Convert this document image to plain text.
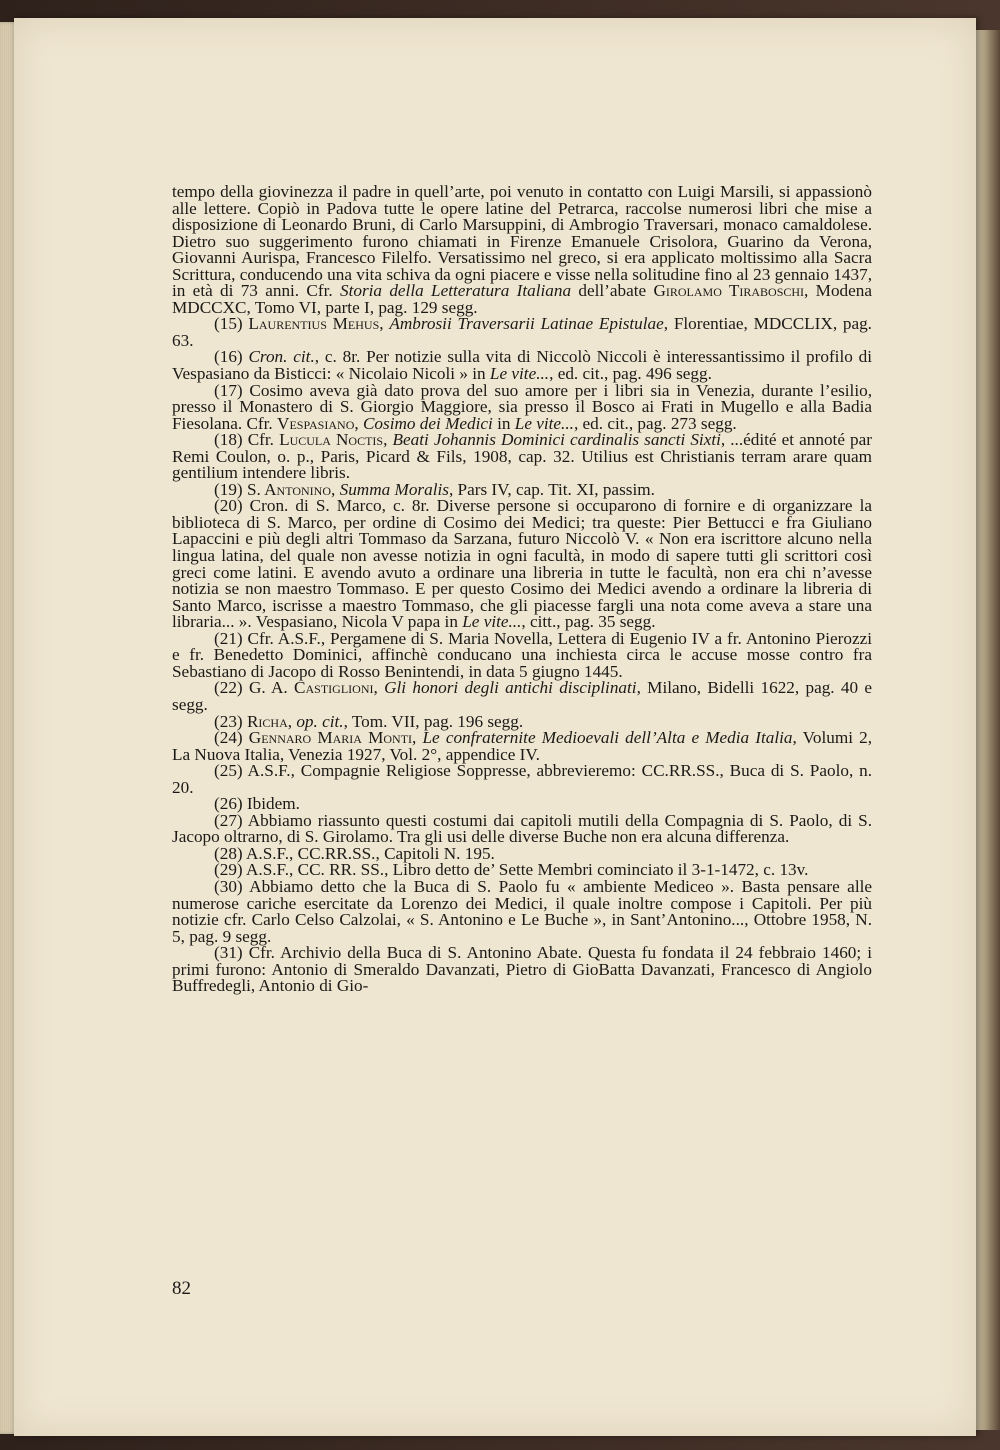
tempo della giovinezza il padre in quell’arte, poi venuto in contatto con Luigi Marsili, si appassionò alle lettere. Copiò in Padova tutte le opere latine del Petrarca, raccolse numerosi libri che mise a disposizione di Leonardo Bruni, di Carlo Marsuppini, di Ambrogio Traversari, monaco camaldolese. Dietro suo suggerimento furono chiamati in Firenze Emanuele Crisolora, Guarino da Verona, Giovanni Aurispa, Francesco Filelfo. Versatissimo nel greco, si era applicato moltissimo alla Sacra Scrittura, conducendo una vita schiva da ogni piacere e visse nella solitudine fino al 23 gennaio 1437, in età di 73 anni. Cfr. Storia della Letteratura Italiana dell’abate Girolamo Tiraboschi, Modena MDCCXC, Tomo VI, parte I, pag. 129 segg.

(15) Laurentius Mehus, Ambrosii Traversarii Latinae Epistulae, Florentiae, MDCCLIX, pag. 63.

(16) Cron. cit., c. 8r. Per notizie sulla vita di Niccolò Niccoli è interessantissimo il profilo di Vespasiano da Bisticci: « Nicolaio Nicoli » in Le vite..., ed. cit., pag. 496 segg.

(17) Cosimo aveva già dato prova del suo amore per i libri sia in Venezia, durante l’esilio, presso il Monastero di S. Giorgio Maggiore, sia presso il Bosco ai Frati in Mugello e alla Badia Fiesolana. Cfr. Vespasiano, Cosimo dei Medici in Le vite..., ed. cit., pag. 273 segg.

(18) Cfr. Lucula Noctis, Beati Johannis Dominici cardinalis sancti Sixti, ...édité et annoté par Remi Coulon, o. p., Paris, Picard & Fils, 1908, cap. 32. Utilius est Christianis terram arare quam gentilium intendere libris.

(19) S. Antonino, Summa Moralis, Pars IV, cap. Tit. XI, passim.

(20) Cron. di S. Marco, c. 8r. Diverse persone si occuparono di fornire e di organizzare la biblioteca di S. Marco, per ordine di Cosimo dei Medici; tra queste: Pier Bettucci e fra Giuliano Lapaccini e più degli altri Tommaso da Sarzana, futuro Niccolò V. « Non era iscrittore alcuno nella lingua latina, del quale non avesse notizia in ogni facultà, in modo di sapere tutti gli scrittori così greci come latini. E avendo avuto a ordinare una libreria in tutte le facultà, non era chi n’avesse notizia se non maestro Tommaso. E per questo Cosimo dei Medici avendo a ordinare la libreria di Santo Marco, iscrisse a maestro Tommaso, che gli piacesse fargli una nota come aveva a stare una libraria... ». Vespasiano, Nicola V papa in Le vite..., citt., pag. 35 segg.

(21) Cfr. A.S.F., Pergamene di S. Maria Novella, Lettera di Eugenio IV a fr. Antonino Pierozzi e fr. Benedetto Dominici, affinchè conducano una inchiesta circa le accuse mosse contro fra Sebastiano di Jacopo di Rosso Benintendi, in data 5 giugno 1445.

(22) G. A. Castiglioni, Gli honori degli antichi disciplinati, Milano, Bidelli 1622, pag. 40 e segg.

(23) Richa, op. cit., Tom. VII, pag. 196 segg.

(24) Gennaro Maria Monti, Le confraternite Medioevali dell’Alta e Media Italia, Volumi 2, La Nuova Italia, Venezia 1927, Vol. 2°, appendice IV.

(25) A.S.F., Compagnie Religiose Soppresse, abbrevieremo: CC.RR.SS., Buca di S. Paolo, n. 20.

(26) Ibidem.

(27) Abbiamo riassunto questi costumi dai capitoli mutili della Compagnia di S. Paolo, di S. Jacopo oltrarno, di S. Girolamo. Tra gli usi delle diverse Buche non era alcuna differenza.

(28) A.S.F., CC.RR.SS., Capitoli N. 195.

(29) A.S.F., CC. RR. SS., Libro detto de’ Sette Membri cominciato il 3-1-1472, c. 13v.

(30) Abbiamo detto che la Buca di S. Paolo fu « ambiente Mediceo ». Basta pensare alle numerose cariche esercitate da Lorenzo dei Medici, il quale inoltre compose i Capitoli. Per più notizie cfr. Carlo Celso Calzolai, « S. Antonino e Le Buche », in Sant’Antonino..., Ottobre 1958, N. 5, pag. 9 segg.

(31) Cfr. Archivio della Buca di S. Antonino Abate. Questa fu fondata il 24 febbraio 1460; i primi furono: Antonio di Smeraldo Davanzati, Pietro di GioBatta Davanzati, Francesco di Angiolo Buffredegli, Antonio di Gio-

82
